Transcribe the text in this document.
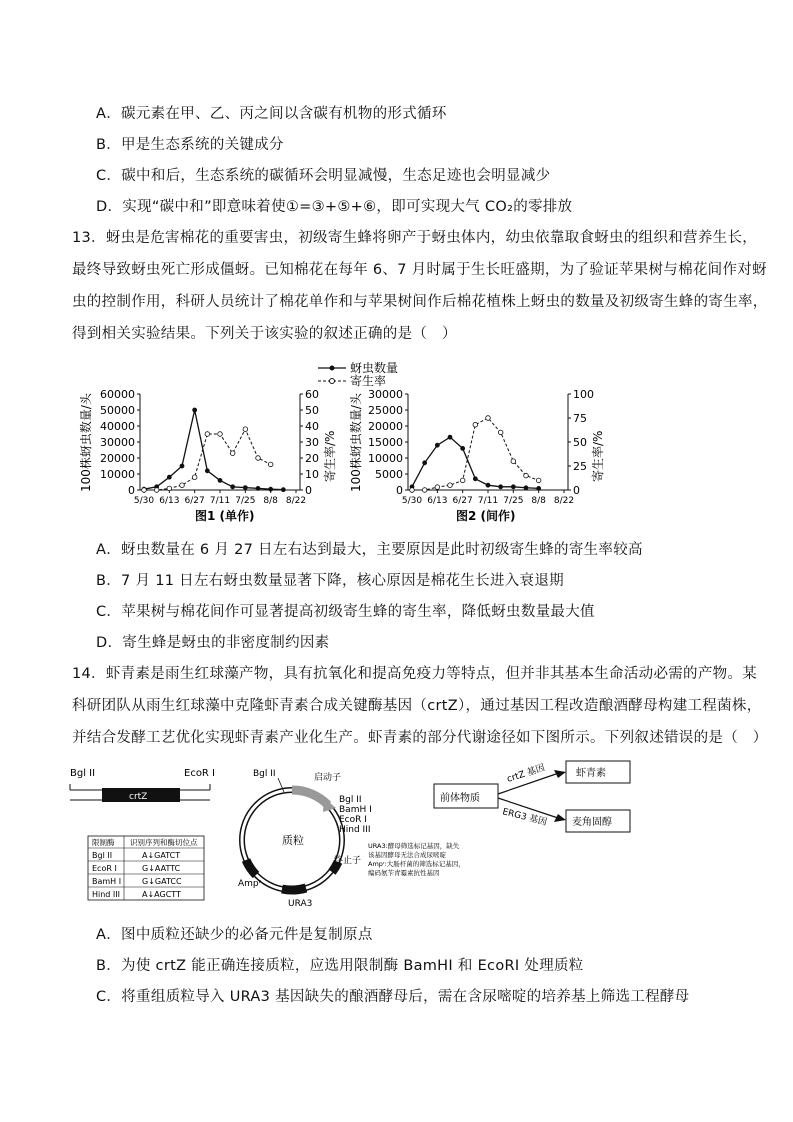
A．碳元素在甲、乙、丙之间以含碳有机物的形式循环
B．甲是生态系统的关键成分
C．碳中和后，生态系统的碳循环会明显减慢，生态足迹也会明显减少
D．实现“碳中和”即意味着使①=③+⑤+⑥，即可实现大气 CO₂的零排放
13．蚜虫是危害棉花的重要害虫，初级寄生蜂将卵产于蚜虫体内，幼虫依靠取食蚜虫的组织和营养生长，
最终导致蚜虫死亡形成僵蚜。已知棉花在每年 6、7 月时属于生长旺盛期，为了验证苹果树与棉花间作对蚜
虫的控制作用，科研人员统计了棉花单作和与苹果树间作后棉花植株上蚜虫的数量及初级寄生蜂的寄生率，
得到相关实验结果。下列关于该实验的叙述正确的是（　）
蚜虫数量
寄生率
100株蚜虫数量/头	寄生率/%
60000
50000
40000
30000
20000
10000
0
60
50
40
30
20
10
0
5/30 6/13 6/27 7/11 7/25 8/8 8/22
图1 (单作)
100株蚜虫数量/头	寄生率/%
30000
25000
20000
15000
10000
5000
0
100
75
50
25
0
5/30 6/13 6/27 7/11 7/25 8/8 8/22
图2 (间作)
A．蚜虫数量在 6 月 27 日左右达到最大，主要原因是此时初级寄生蜂的寄生率较高
B．7 月 11 日左右蚜虫数量显著下降，核心原因是棉花生长进入衰退期
C．苹果树与棉花间作可显著提高初级寄生蜂的寄生率，降低蚜虫数量最大值
D．寄生蜂是蚜虫的非密度制约因素
14．虾青素是雨生红球藻产物，具有抗氧化和提高免疫力等特点，但并非其基本生命活动必需的产物。某
科研团队从雨生红球藻中克隆虾青素合成关键酶基因（crtZ），通过基因工程改造酿酒酵母构建工程菌株，
并结合发酵工艺优化实现虾青素产业化生产。虾青素的部分代谢途径如下图所示。下列叙述错误的是（　）
Bgl II	EcoR I
crtZ
限制酶 识别序列和酶切位点
Bgl II	A↓GATCT
EcoR I	G↓AATTC
BamH I	G↓GATCC
Hind III	A↓AGCTT
质粒
Bgl II	启动子
Bgl II
BamH I
EcoR I
Hind III
终止子
Ampʳ
URA3
URA3:酵母筛选标记基因，缺失
该基因酵母无法合成尿嘧啶
Ampʳ:大肠杆菌的筛选标记基因，
编码氨苄青霉素抗性基因
前体物质
crtZ 基因
ERG3 基因
虾青素
麦角固醇
A．图中质粒还缺少的必备元件是复制原点
B．为使 crtZ 能正确连接质粒，应选用限制酶 BamHI 和 EcoRI 处理质粒
C．将重组质粒导入 URA3 基因缺失的酿酒酵母后，需在含尿嘧啶的培养基上筛选工程酵母
